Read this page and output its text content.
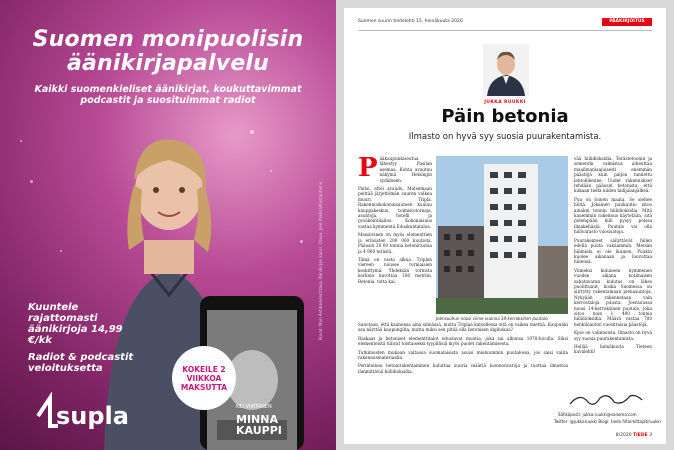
Suomen monipuolisin äänikirjapalvelu

Kaikki suomenkieliset äänikirjat, koukuttavimmat podcastit ja suosituimmat radiot

Kuuntele rajattomasti äänikirjoja 14,99 €/kk
Radiot & podcastit veloituksetta
supla	KEI VIIRTANEN
MINNA KAUPPI
KOKEILE 2 VIIKKOA MAKSUTTA
Kuvat: Mari Antikainen/Otava. Äänikirjan kansi: Otava, Jere Päkkilä/Kustantamo
Suomen suurin tiedelehti 15. heinäkuuta 2020	PÄÄKIRJOITUS
JUKKA RUUKKI
Päin betonia
Ilmasto on hyvä syy suosia puurakentamista.
P ääkaupunkiseutua lähestyy Pasilan asemaa. Kohta avautuu näkymä Helsingin sydämeen.

Paitsi, ettei avaudu. Matsemaan peittää järjettömän suuren valkea muuri, Tripla. Rakennuskokonaisuuteen kuuluu kauppakeskus, toimistotorneja, asuntoja, hotelli ja pysäköintilaitos. Kokonaisuus vastaa kymmentä Eduskuntataloa.

Massiivinen on myös elementtien ja eriloisten 200 000 kuutiota. Pääosin 20 00 tonnia betonirautaa ja 4 900 terästä.

Tämä on vasta alkua. Triplan viereen nousee torniaisien keskittymä. Yhdeksän tornista korkein kurottaa 180 metriin. Betonia, totta kai.

Sanotaan, että kaunensa aina silmässä, mutta Triplaa katsellessa sitä on vaikea miettiä. Kaupunki saa näyttää kaupungilta, mutta miksi sen pitää olla betonisen digibokaa?

Raskaat ja betoniset elementtitalot edustavat muotia, joka sai alkunsa 1970-luvulla. Siksi elementeistä tulivat toistaiseksi tyypillisiä myös puolet rakentamisesta.

Tutkimusten mukaan valtaosa suomalaisista asuisi mieluummin puutalossa, jos saisi valita rakennusmateriaalin.

Perinteinen betonirakentaminen kuluttaa suuria määriä luonnonvaroja ja tuottaa ilmastoa lämmittäviä hiilidioksidia.

Joensuuhun nousi viime vuonna 14-kerroksinen puutalo.

vää hiilidioksidia. Terästetoonin ja sementin valmistus aiheuttaa maailmanlaajuisesti enemmän päästöjä kuin paljon tunnettu lentoliikenne. Uudet rakennukset tehdään pääosin betonista, että kukaan tiedä niiden hiilijalanjälkeä.

Puu on toinen maata. Se sieltee hiiltä. Jokainen puukuutio sitoo ainakin tonnin hiilidioksidia. Mitä kauemmin rakennus käytetään, sitä pidempään hiili pysyy poissa ilmakehästä. Puutalo voi olla hiilivarasto vuosisatoja.

Puurakenteet säilyttävät hiilen edellä puuta vakaammin. Metsän hiilinielu ei ole ikuinen. Puukin kuolee aikanaan ja luovuttaa hiilensä.

Viimeksi kuluneen kymmenen vuoden aikana kotimaisen sahatavaran kulutus on lähes puolittunut, koska Suomessa on siirrytty rakentamaan pienasuntoja. Nykyään rakennetaan vain kerrostaloja puusta. Joensuussa nousi 14-kerroksinen puutalo, joka sitoo noin 1 400 tonnia hiilidioksidia. Määrä vastaa 700 henkilöauton vuosittaisia päästöjä.

Kyse on valinnoista. Ilmasto on hyvä syy suosia puurakentamista.

Hellää heinäkuuta Tieteen kuvalehti!

Sähköposti: jukka.ruukki@sanoma.com
Twitter: @jukkaruukki Blogi: tiede.fi/toimittajat/ruukki
8/2020 TIEDE 3
